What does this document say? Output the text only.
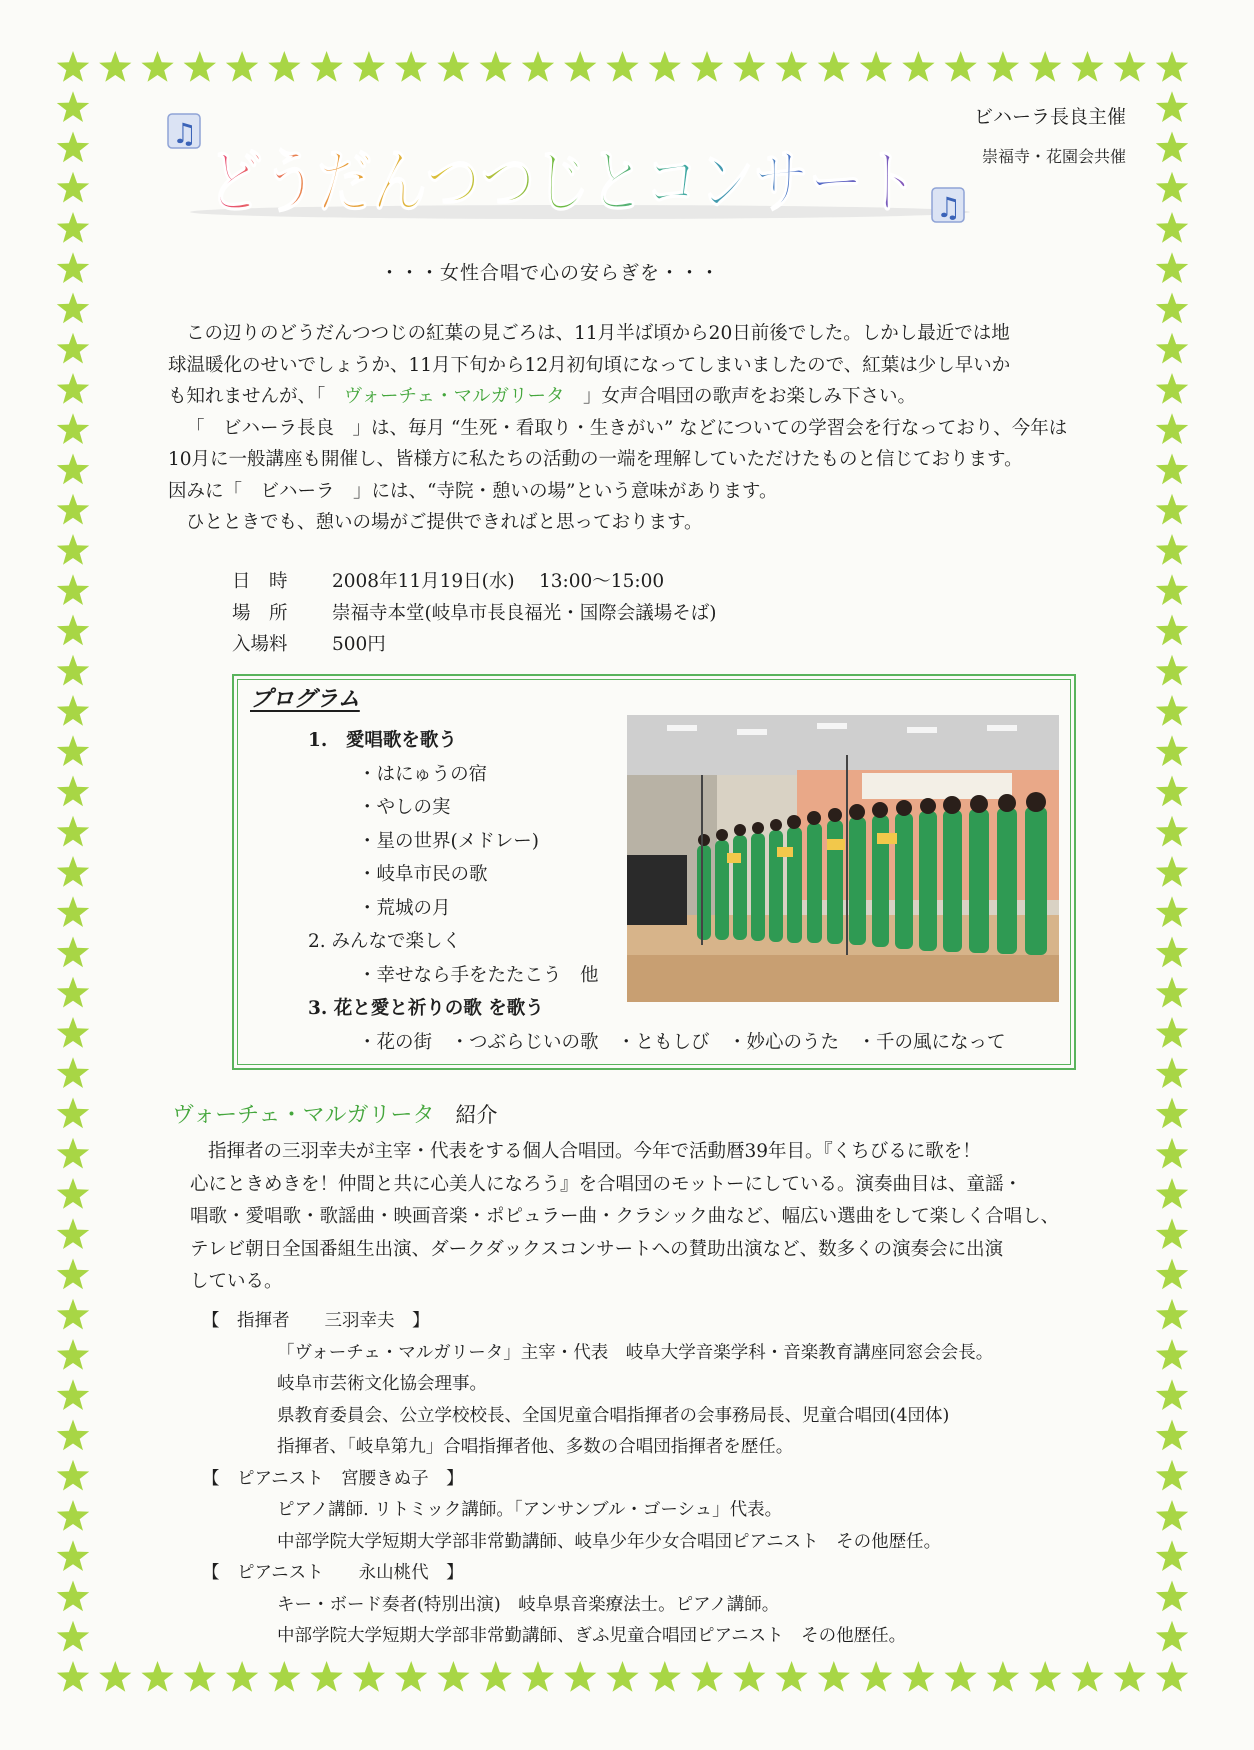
ビハーラ長良主催
崇福寺・花園会共催
♫
どうだんつつじとコンサート ♫
・・・女性合唱で心の安らぎを・・・

この辺りのどうだんつつじの紅葉の見ごろは、11月半ば頃から20日前後でした。しかし最近では地

球温暖化のせいでしょうか、11月下旬から12月初旬頃になってしまいましたので、紅葉は少し早いか

も知れませんが、「　ヴォーチェ・マルガリータ　」女声合唱団の歌声をお楽しみ下さい。

「　ビハーラ長良　」は、毎月 “生死・看取り・生きがい” などについての学習会を行なっており、今年は

10月に一般講座も開催し、皆様方に私たちの活動の一端を理解していただけたものと信じております。

因みに「　ビハーラ　」には、“寺院・憩いの場”という意味があります。

ひとときでも、憩いの場がご提供できればと思っております。

日　時 2008年11月19日(水)　 13:00～15:00
場　所 崇福寺本堂(岐阜市長良福光・国際会議場そば)
入場料 500円
プログラム
1.　愛唱歌を歌う
・はにゅうの宿
・やしの実
・星の世界(メドレー)
・岐阜市民の歌
・荒城の月
2. みんなで楽しく
・幸せなら手をたたこう　他
3. 花と愛と祈りの歌 を歌う
・花の街　・つぶらじいの歌　・ともしび　・妙心のうた　・千の風になって
ヴォーチェ・マルガリータ　 紹介

指揮者の三羽幸夫が主宰・代表をする個人合唱団。今年で活動暦39年目。『くちびるに歌を！

心にときめきを！仲間と共に心美人になろう』を合唱団のモットーにしている。演奏曲目は、童謡・

唱歌・愛唱歌・歌謡曲・映画音楽・ポピュラー曲・クラシック曲など、幅広い選曲をして楽しく合唱し、

テレビ朝日全国番組生出演、ダークダックスコンサートへの賛助出演など、数多くの演奏会に出演

している。

【　指揮者　　三羽幸夫　】
「ヴォーチェ・マルガリータ」主宰・代表　岐阜大学音楽学科・音楽教育講座同窓会会長。
岐阜市芸術文化協会理事。
県教育委員会、公立学校校長、全国児童合唱指揮者の会事務局長、児童合唱団(4団体)
指揮者、「岐阜第九」合唱指揮者他、多数の合唱団指揮者を歴任。
【　ピアニスト　宮腰きぬ子　】
ピアノ講師. リトミック講師。「アンサンブル・ゴーシュ」代表。
中部学院大学短期大学部非常勤講師、岐阜少年少女合唱団ピアニスト　その他歴任。
【　ピアニスト　　永山桃代　】
キー・ボード奏者(特別出演)　岐阜県音楽療法士。ピアノ講師。
中部学院大学短期大学部非常勤講師、ぎふ児童合唱団ピアニスト　その他歴任。
